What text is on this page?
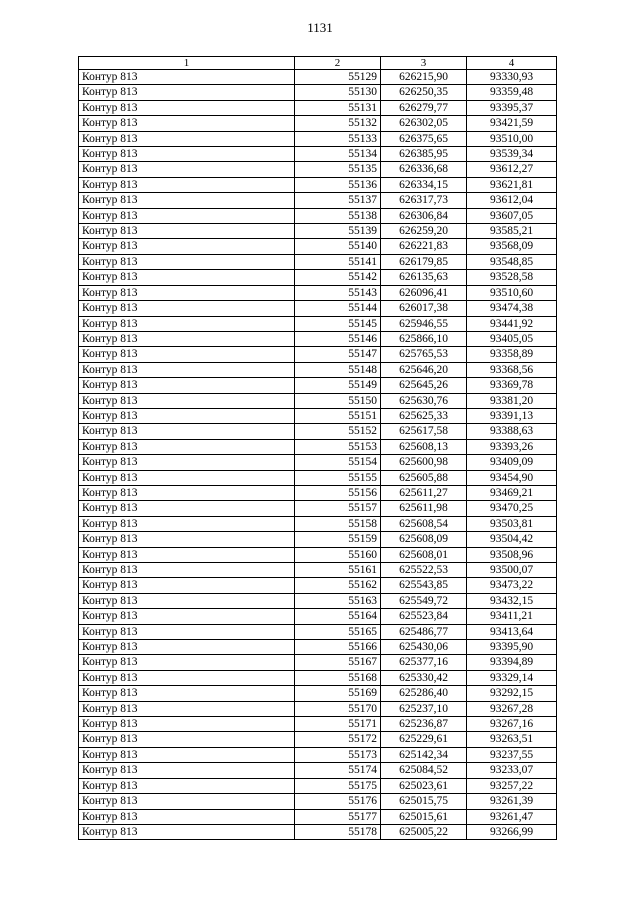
1131
1	2	3	4
Контур 813	55129	626215,90	93330,93
Контур 813	55130	626250,35	93359,48
Контур 813	55131	626279,77	93395,37
Контур 813	55132	626302,05	93421,59
Контур 813	55133	626375,65	93510,00
Контур 813	55134	626385,95	93539,34
Контур 813	55135	626336,68	93612,27
Контур 813	55136	626334,15	93621,81
Контур 813	55137	626317,73	93612,04
Контур 813	55138	626306,84	93607,05
Контур 813	55139	626259,20	93585,21
Контур 813	55140	626221,83	93568,09
Контур 813	55141	626179,85	93548,85
Контур 813	55142	626135,63	93528,58
Контур 813	55143	626096,41	93510,60
Контур 813	55144	626017,38	93474,38
Контур 813	55145	625946,55	93441,92
Контур 813	55146	625866,10	93405,05
Контур 813	55147	625765,53	93358,89
Контур 813	55148	625646,20	93368,56
Контур 813	55149	625645,26	93369,78
Контур 813	55150	625630,76	93381,20
Контур 813	55151	625625,33	93391,13
Контур 813	55152	625617,58	93388,63
Контур 813	55153	625608,13	93393,26
Контур 813	55154	625600,98	93409,09
Контур 813	55155	625605,88	93454,90
Контур 813	55156	625611,27	93469,21
Контур 813	55157	625611,98	93470,25
Контур 813	55158	625608,54	93503,81
Контур 813	55159	625608,09	93504,42
Контур 813	55160	625608,01	93508,96
Контур 813	55161	625522,53	93500,07
Контур 813	55162	625543,85	93473,22
Контур 813	55163	625549,72	93432,15
Контур 813	55164	625523,84	93411,21
Контур 813	55165	625486,77	93413,64
Контур 813	55166	625430,06	93395,90
Контур 813	55167	625377,16	93394,89
Контур 813	55168	625330,42	93329,14
Контур 813	55169	625286,40	93292,15
Контур 813	55170	625237,10	93267,28
Контур 813	55171	625236,87	93267,16
Контур 813	55172	625229,61	93263,51
Контур 813	55173	625142,34	93237,55
Контур 813	55174	625084,52	93233,07
Контур 813	55175	625023,61	93257,22
Контур 813	55176	625015,75	93261,39
Контур 813	55177	625015,61	93261,47
Контур 813	55178	625005,22	93266,99
